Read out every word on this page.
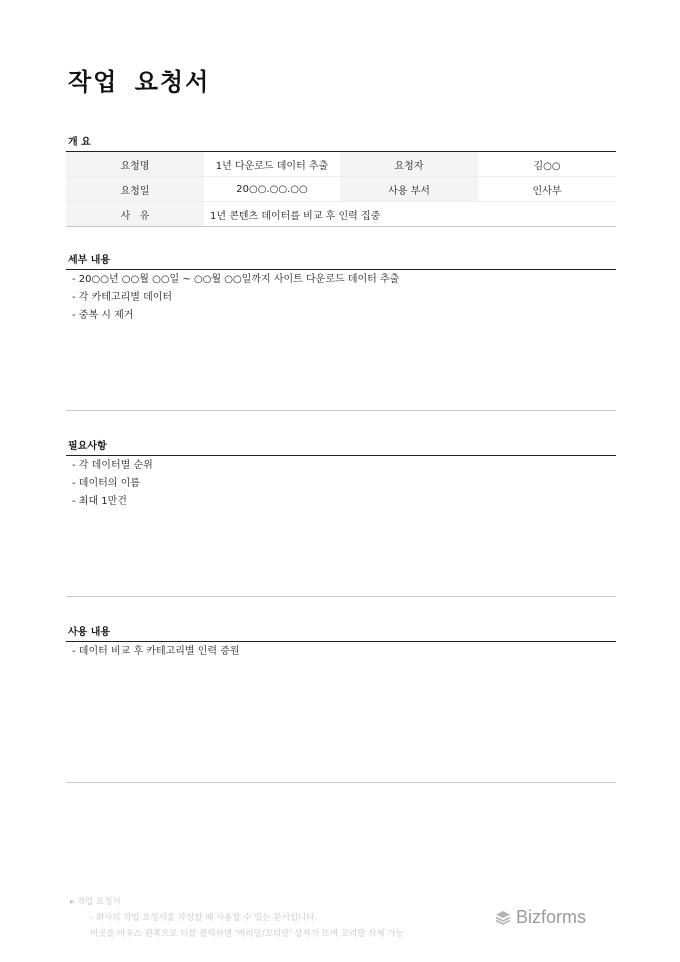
작업 요청서
개 요
요청명	1년 다운로드 데이터 추출	요청자	김○○
요청일	20○○.○○.○○	사용 부서	인사부
사   유	1년 콘텐츠 데이터를 비교 후 인력 집중		
세부 내용
- 20○○년 ○○월 ○○일 ~ ○○월 ○○일까지 사이트 다운로드 데이터 추출
- 각 카테고리별 데이터
- 중복 시 제거
필요사항
- 각 데이터별 순위
- 데이터의 이름
- 최대 1만건
사용 내용
- 데이터 비교 후 카테고리별 인력 증원
▸ 작업 요청서
- 회사의 작업 요청서를 작성할 때 사용할 수 있는 문서입니다.
이곳을 마우스 왼쪽으로 더블 클릭하면 '머리말/꼬리말' 상자가 뜨며 꼬리말 삭제 가능
Bizforms
